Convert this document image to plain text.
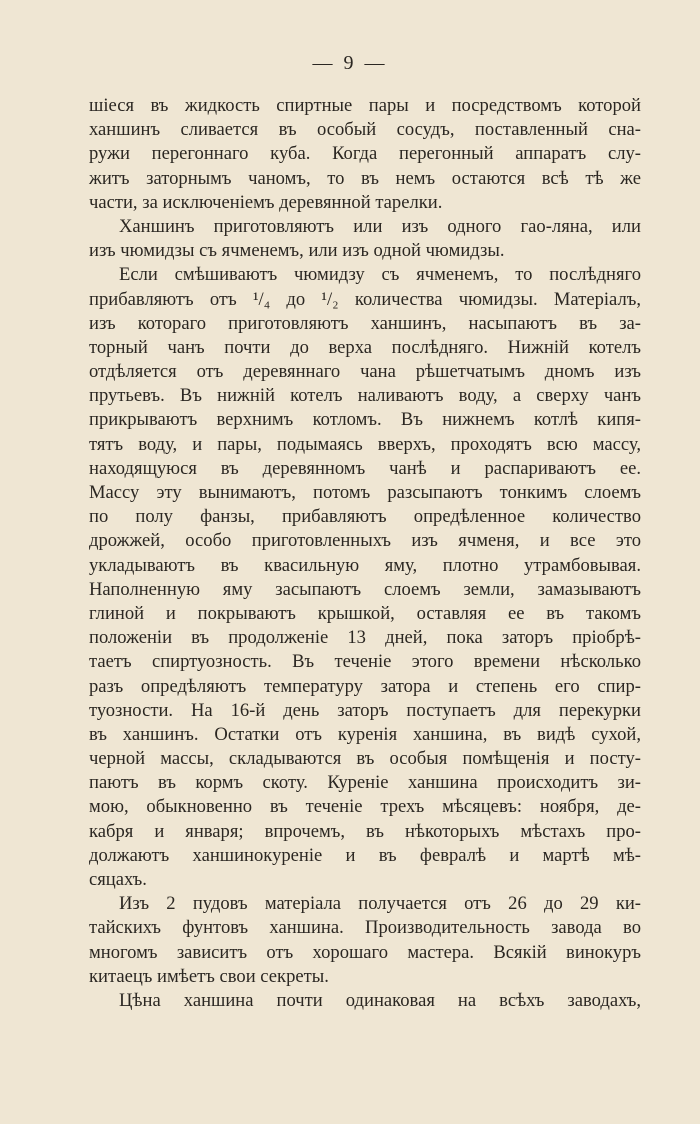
— 9 —
шіеся въ жидкость спиртные пары и посредствомъ которой
ханшинъ сливается въ особый сосудъ, поставленный сна-
ружи перегоннаго куба. Когда перегонный аппаратъ слу-
житъ заторнымъ чаномъ, то въ немъ остаются всѣ тѣ же
части, за исключеніемъ деревянной тарелки.
Ханшинъ приготовляютъ или изъ одного гао-ляна, или
изъ чюмидзы съ ячменемъ, или изъ одной чюмидзы.
Если смѣшиваютъ чюмидзу съ ячменемъ, то послѣдняго
прибавляютъ отъ ¹/₄ до ¹/₂ количества чюмидзы. Матеріалъ,
изъ котораго приготовляютъ ханшинъ, насыпаютъ въ за-
торный чанъ почти до верха послѣдняго. Нижній котелъ
отдѣляется отъ деревяннаго чана рѣшетчатымъ дномъ изъ
прутьевъ. Въ нижній котелъ наливаютъ воду, а сверху чанъ
прикрываютъ верхнимъ котломъ. Въ нижнемъ котлѣ кипя-
тятъ воду, и пары, подымаясь вверхъ, проходятъ всю массу,
находящуюся въ деревянномъ чанѣ и распариваютъ ее.
Массу эту вынимаютъ, потомъ разсыпаютъ тонкимъ слоемъ
по полу фанзы, прибавляютъ опредѣленное количество
дрожжей, особо приготовленныхъ изъ ячменя, и все это
укладываютъ въ квасильную яму, плотно утрамбовывая.
Наполненную яму засыпаютъ слоемъ земли, замазываютъ
глиной и покрываютъ крышкой, оставляя ее въ такомъ
положеніи въ продолженіе 13 дней, пока заторъ пріобрѣ-
таетъ спиртуозность. Въ теченіе этого времени нѣсколько
разъ опредѣляютъ температуру затора и степень его спир-
туозности. На 16-й день заторъ поступаетъ для перекурки
въ ханшинъ. Остатки отъ куренія ханшина, въ видѣ сухой,
черной массы, складываются въ особыя помѣщенія и посту-
паютъ въ кормъ скоту. Куреніе ханшина происходитъ зи-
мою, обыкновенно въ теченіе трехъ мѣсяцевъ: ноября, де-
кабря и января; впрочемъ, въ нѣкоторыхъ мѣстахъ про-
должаютъ ханшинокуреніе и въ февралѣ и мартѣ мѣ-
сяцахъ.
Изъ 2 пудовъ матеріала получается отъ 26 до 29 ки-
тайскихъ фунтовъ ханшина. Производительность завода во
многомъ зависитъ отъ хорошаго мастера. Всякій винокуръ
китаецъ имѣетъ свои секреты.
Цѣна ханшина почти одинаковая на всѣхъ заводахъ,
